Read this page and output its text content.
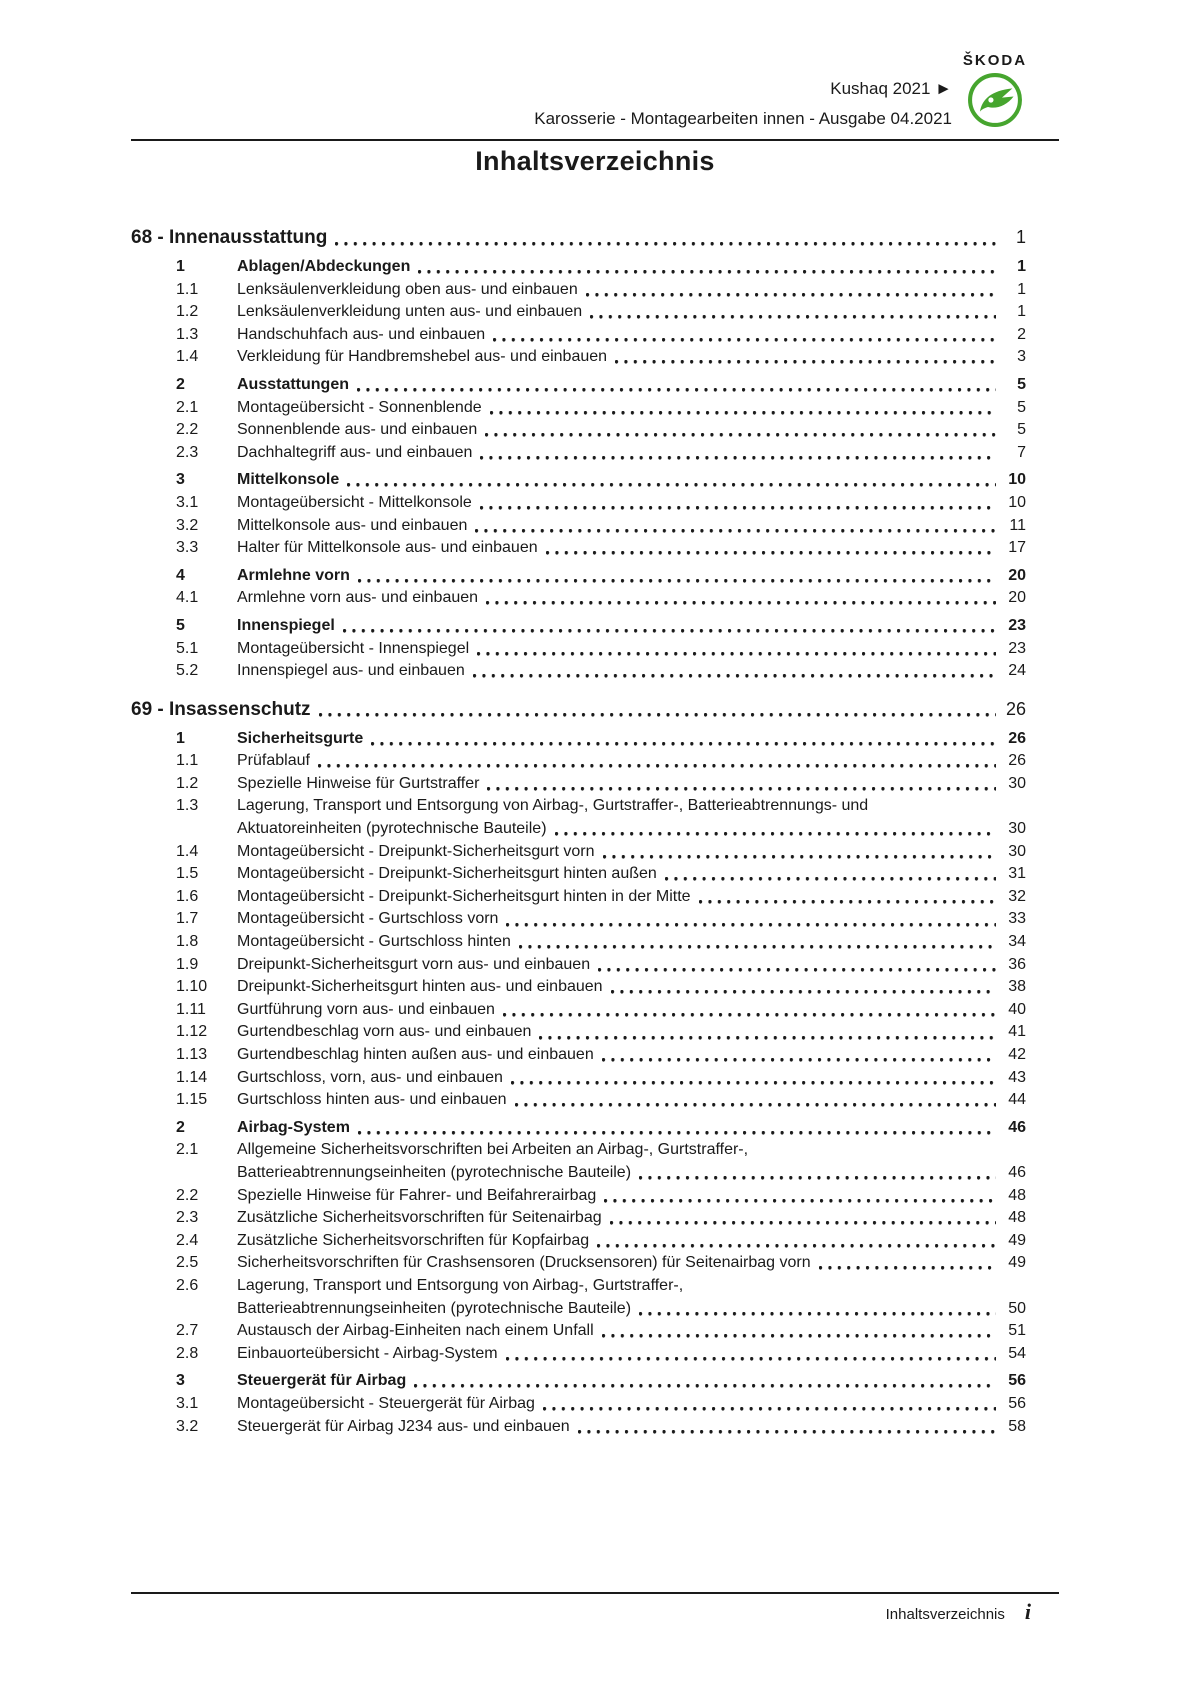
Kushaq 2021 ►
Karosserie - Montagearbeiten innen - Ausgabe 04.2021
ŠKODA
Inhaltsverzeichnis
68 - Innenausstattung	1
1	Ablagen/Abdeckungen	1
1.1	Lenksäulenverkleidung oben aus- und einbauen	1
1.2	Lenksäulenverkleidung unten aus- und einbauen	1
1.3	Handschuhfach aus- und einbauen	2
1.4	Verkleidung für Handbremshebel aus- und einbauen	3
2	Ausstattungen	5
2.1	Montageübersicht - Sonnenblende	5
2.2	Sonnenblende aus- und einbauen	5
2.3	Dachhaltegriff aus- und einbauen	7
3	Mittelkonsole	10
3.1	Montageübersicht - Mittelkonsole	10
3.2	Mittelkonsole aus- und einbauen	11
3.3	Halter für Mittelkonsole aus- und einbauen	17
4	Armlehne vorn	20
4.1	Armlehne vorn aus- und einbauen	20
5	Innenspiegel	23
5.1	Montageübersicht - Innenspiegel	23
5.2	Innenspiegel aus- und einbauen	24
69 - Insassenschutz	26
1	Sicherheitsgurte	26
1.1	Prüfablauf	26
1.2	Spezielle Hinweise für Gurtstraffer	30
1.3	Lagerung, Transport und Entsorgung von Airbag-, Gurtstraffer-, Batterieabtrennungs- und
Aktuatoreinheiten (pyrotechnische Bauteile)	30
1.4	Montageübersicht - Dreipunkt-Sicherheitsgurt vorn	30
1.5	Montageübersicht - Dreipunkt-Sicherheitsgurt hinten außen	31
1.6	Montageübersicht - Dreipunkt-Sicherheitsgurt hinten in der Mitte	32
1.7	Montageübersicht - Gurtschloss vorn	33
1.8	Montageübersicht - Gurtschloss hinten	34
1.9	Dreipunkt-Sicherheitsgurt vorn aus- und einbauen	36
1.10	Dreipunkt-Sicherheitsgurt hinten aus- und einbauen	38
1.11	Gurtführung vorn aus- und einbauen	40
1.12	Gurtendbeschlag vorn aus- und einbauen	41
1.13	Gurtendbeschlag hinten außen aus- und einbauen	42
1.14	Gurtschloss, vorn, aus- und einbauen	43
1.15	Gurtschloss hinten aus- und einbauen	44
2	Airbag-System	46
2.1	Allgemeine Sicherheitsvorschriften bei Arbeiten an Airbag-, Gurtstraffer-,
Batterieabtrennungseinheiten (pyrotechnische Bauteile)	46
2.2	Spezielle Hinweise für Fahrer- und Beifahrerairbag	48
2.3	Zusätzliche Sicherheitsvorschriften für Seitenairbag	48
2.4	Zusätzliche Sicherheitsvorschriften für Kopfairbag	49
2.5	Sicherheitsvorschriften für Crashsensoren (Drucksensoren) für Seitenairbag vorn	49
2.6	Lagerung, Transport und Entsorgung von Airbag-, Gurtstraffer-,
Batterieabtrennungseinheiten (pyrotechnische Bauteile)	50
2.7	Austausch der Airbag-Einheiten nach einem Unfall	51
2.8	Einbauorteübersicht - Airbag-System	54
3	Steuergerät für Airbag	56
3.1	Montageübersicht - Steuergerät für Airbag	56
3.2	Steuergerät für Airbag J234 aus- und einbauen	58
Inhaltsverzeichnis i
